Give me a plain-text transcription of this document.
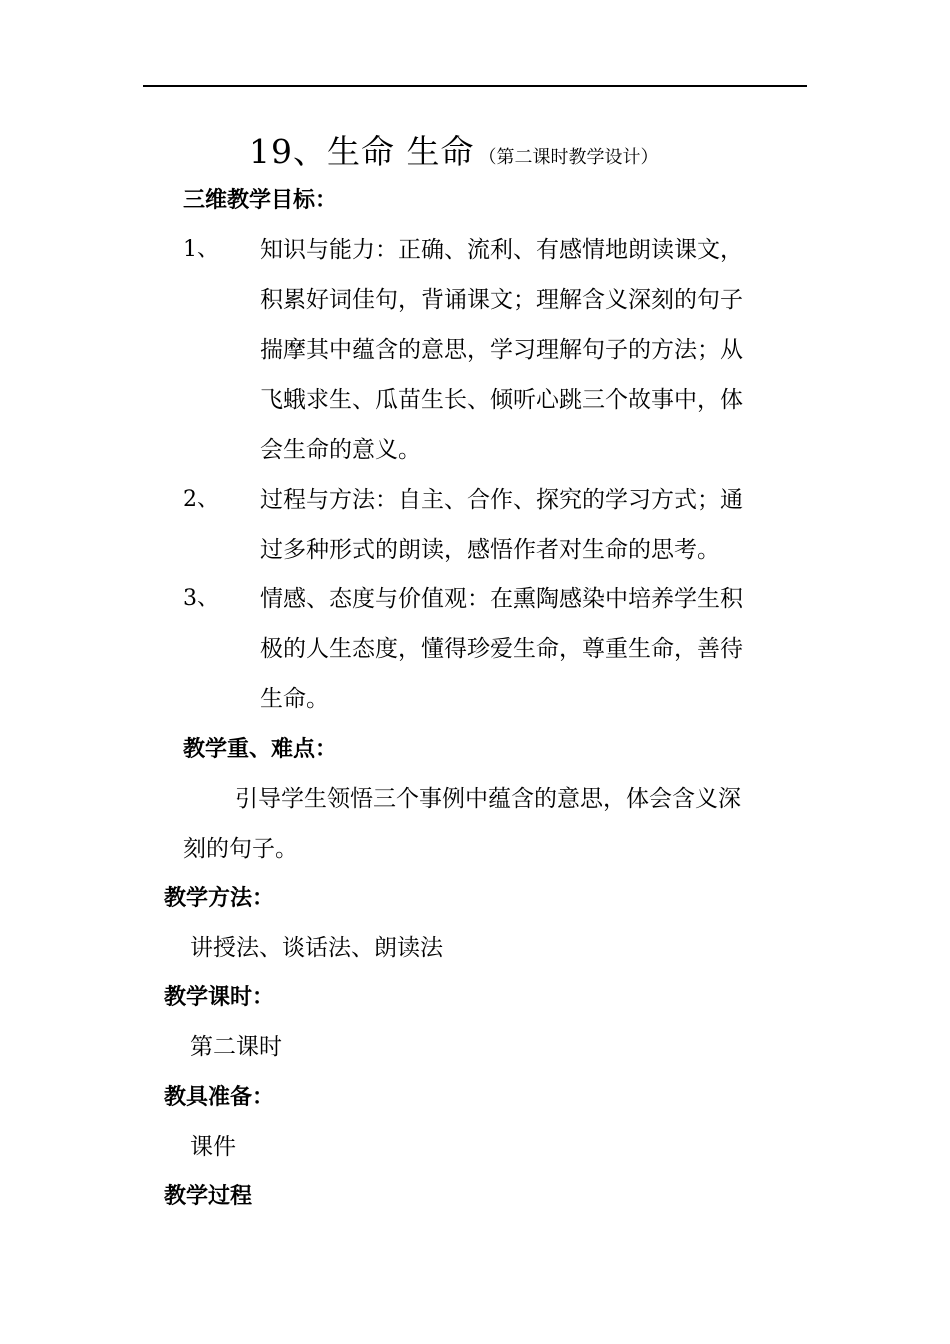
19、生命 生命 （第二课时教学设计）
三维教学目标：
1、 知识与能力：正确、流利、有感情地朗读课文，
积累好词佳句，背诵课文；理解含义深刻的句子
揣摩其中蕴含的意思，学习理解句子的方法；从
飞蛾求生、瓜苗生长、倾听心跳三个故事中，体
会生命的意义。
2、 过程与方法：自主、合作、探究的学习方式；通
过多种形式的朗读，感悟作者对生命的思考。
3、 情感、态度与价值观：在熏陶感染中培养学生积
极的人生态度，懂得珍爱生命，尊重生命，善待
生命。
教学重、难点：
引导学生领悟三个事例中蕴含的意思，体会含义深
刻的句子。
教学方法：
讲授法、谈话法、朗读法
教学课时：
第二课时
教具准备：
课件
教学过程
